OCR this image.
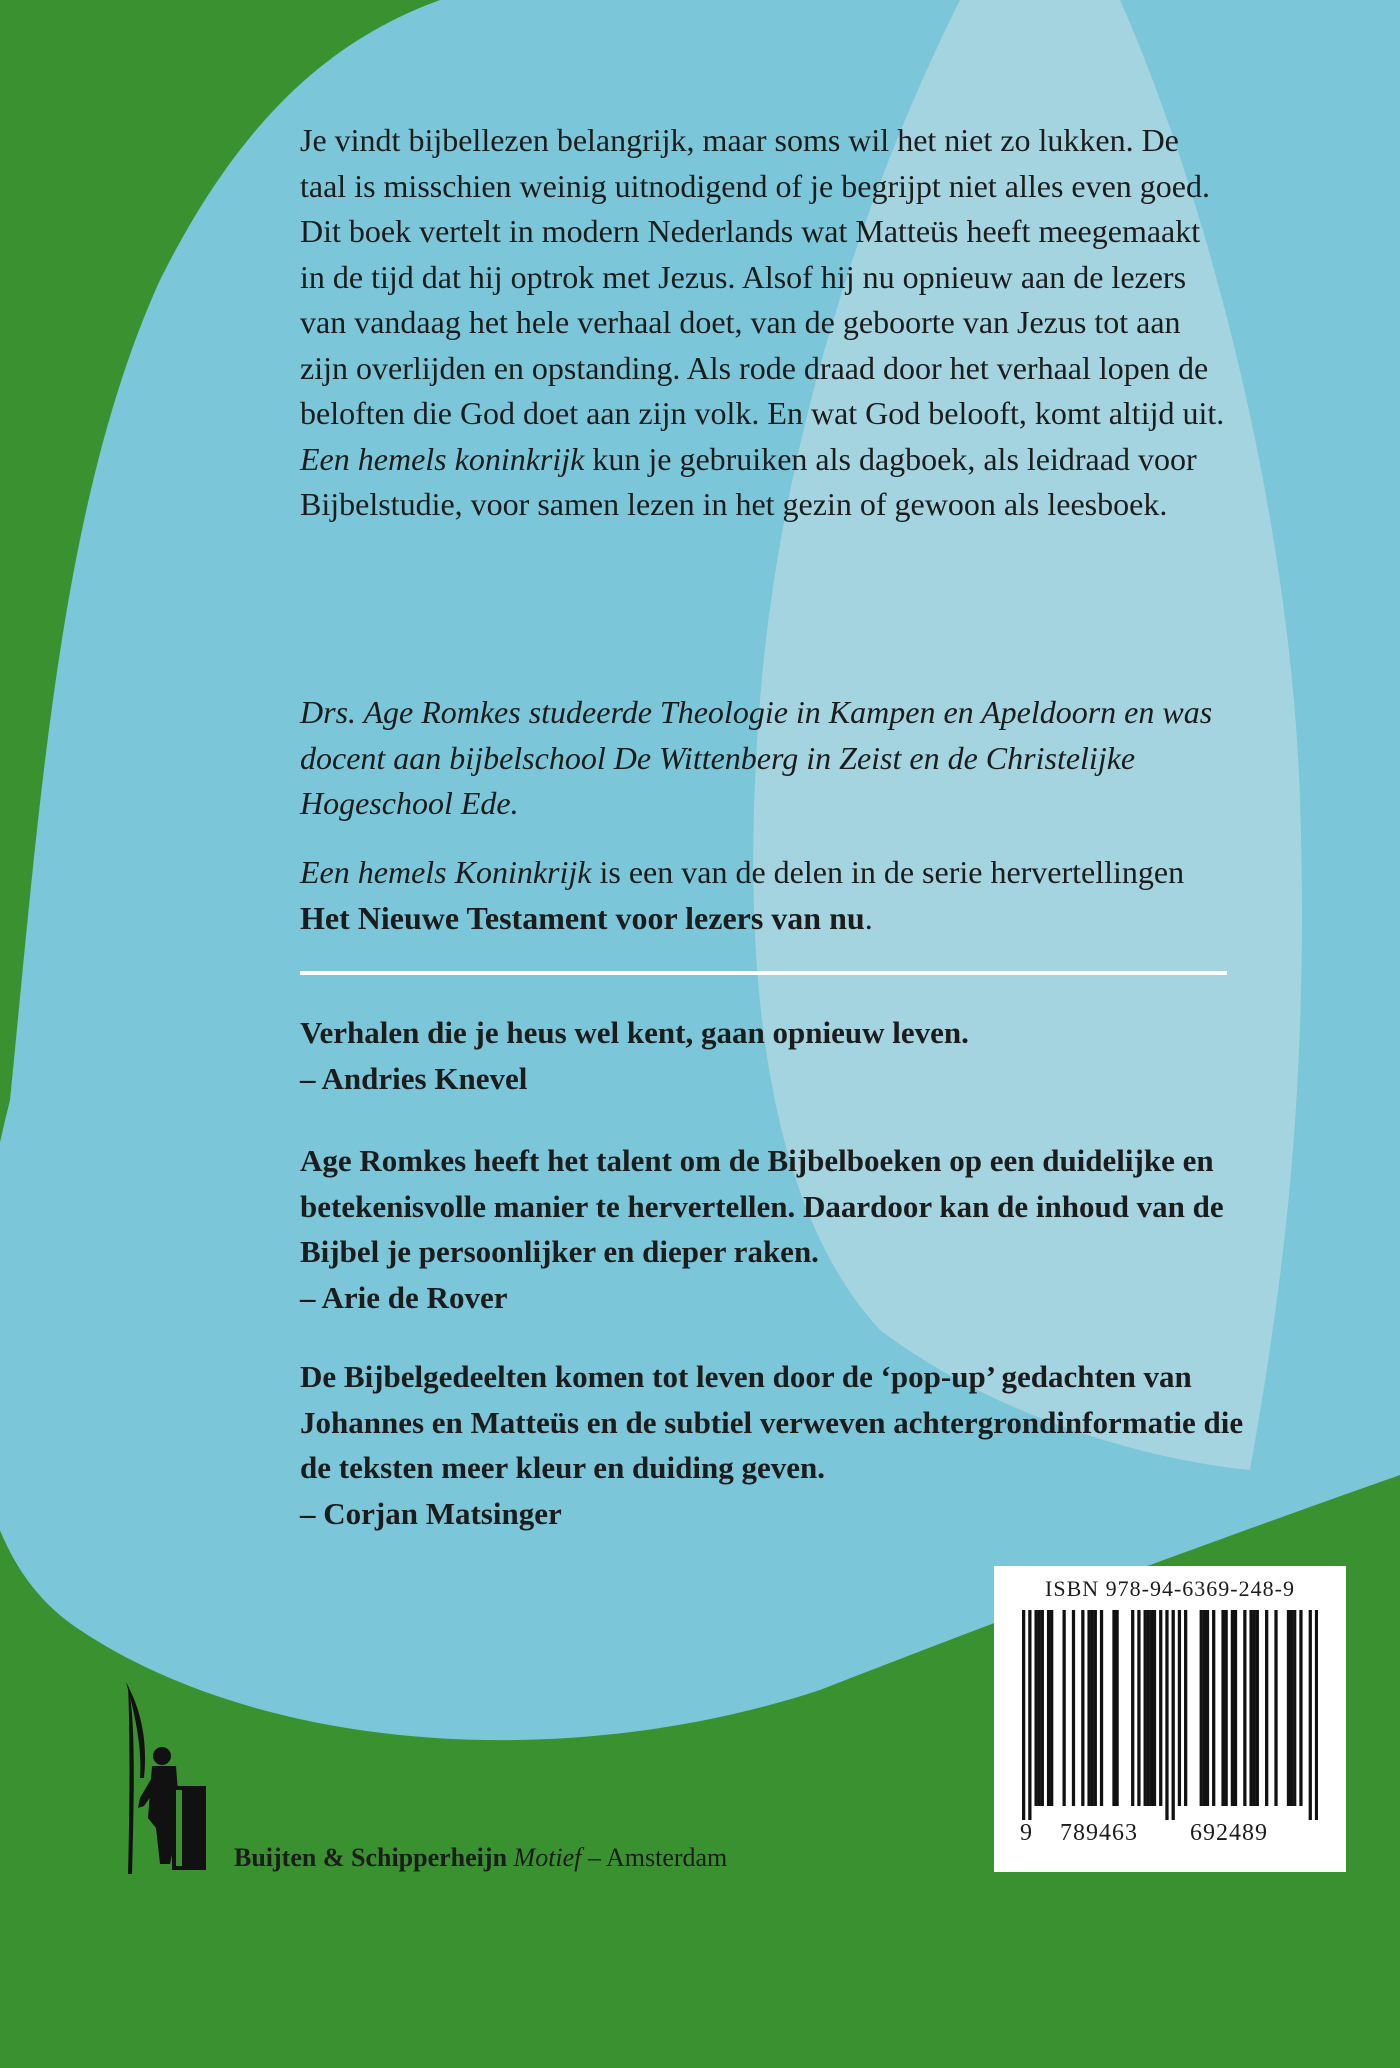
Je vindt bijbellezen belangrijk, maar soms wil het niet zo lukken. De taal is misschien weinig uitnodigend of je begrijpt niet alles even goed.

Dit boek vertelt in modern Nederlands wat Matteüs heeft meegemaakt in de tijd dat hij optrok met Jezus. Alsof hij nu opnieuw aan de lezers van vandaag het hele verhaal doet, van de geboorte van Jezus tot aan zijn overlijden en opstanding. Als rode draad door het verhaal lopen de beloften die God doet aan zijn volk. En wat God belooft, komt altijd uit.

Een hemels koninkrijk kun je gebruiken als dagboek, als leidraad voor Bijbelstudie, voor samen lezen in het gezin of gewoon als leesboek.

Drs. Age Romkes studeerde Theologie in Kampen en Apeldoorn en was docent aan bijbelschool De Wittenberg in Zeist en de Christelijke Hogeschool Ede.

Een hemels Koninkrijk is een van de delen in de serie hervertellingen Het Nieuwe Testament voor lezers van nu.

Verhalen die je heus wel kent, gaan opnieuw leven.

– Andries Knevel

Age Romkes heeft het talent om de Bijbelboeken op een duidelijke en betekenisvolle manier te hervertellen. Daardoor kan de inhoud van de Bijbel je persoonlijker en dieper raken.

– Arie de Rover

De Bijbelgedeelten komen tot leven door de ‘pop-up’ gedachten van Johannes en Matteüs en de subtiel verweven achtergrondinformatie die de teksten meer kleur en duiding geven.

– Corjan Matsinger

ISBN 978-94-6369-248-9
9 789463 692489
Buijten & Schipperheijn Motief – Amsterdam
